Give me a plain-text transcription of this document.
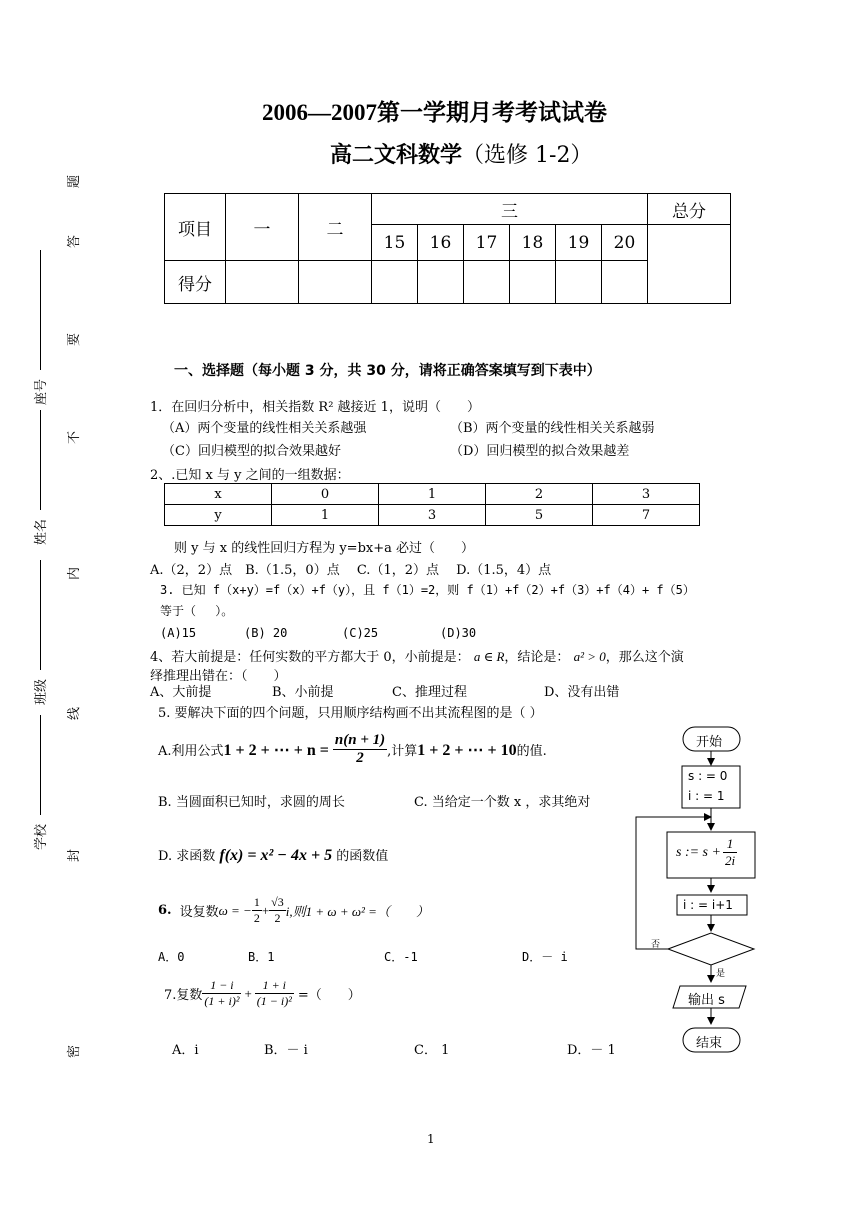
2006—2007第一学期月考考试试卷
高二文科数学（选修 1-2）
座号
姓名
班级
学校
题
答
要
不
内
线
封
密
项目	一	二	三						总分
			15	16	17	18	19	20	
得分									
一、选择题（每小题 3 分，共 30 分，请将正确答案填写到下表中）
1．在回归分析中，相关指数 R² 越接近 1，说明（　　）
（A）两个变量的线性相关关系越强	（B）两个变量的线性相关关系越弱
（C）回归模型的拟合效果越好	（D）回归模型的拟合效果越差
2、.已知 x 与 y 之间的一组数据：
x	0	1	2	3
y	1	3	5	7
则 y 与 x 的线性回归方程为 y=bx+a 必过（　　）
A.（2，2）点　B.（1.5，0）点　 C.（1，2）点　 D.（1.5，4）点
3. 已知 f（x+y）=f（x）+f（y），且 f（1）=2，则 f（1）+f（2）+f（3）+f（4）+ f（5）
等于（　 ）。
(A)15	(B) 20	(C)25	(D)30
4、若大前提是：任何实数的平方都大于 0，小前提是： a ∈ R，结论是： a² > 0，那么这个演
绎推理出错在：（　　）
A、大前提	B、小前提	C、推理过程	D、没有出错
5. 要解决下面的四个问题，只用顺序结构画不出其流程图的是（ ）
A.利用公式 1 + 2 + ⋯ + $n = \frac{n(n + 1)}{2}$ ,计算 1 + 2 + ⋯ + 10 的值.
B. 当圆面积已知时，求圆的周长	C. 当给定一个数 x ，求其绝对
D. 求函数 f(x) = x² − 4x + 5 的函数值
6. 设复数 ω = − $\frac{1}{2} + \frac{√3}{2} i$,则1 + ω + ω² =（　　）
A．0	B．1	C．-1	D．－ i
7.复数 $\frac{1 - i}{\text{(1 + i)²}} + \frac{1 + i}{\text{(1 − i)²}}$ =（　　）
A．i	B．－ i	C． 1	D．－ 1
开始
s : = 0
i : = 1
s := $s + \frac{1}{2i}$
i : = i+1
否
是
输出 s
结束
1
